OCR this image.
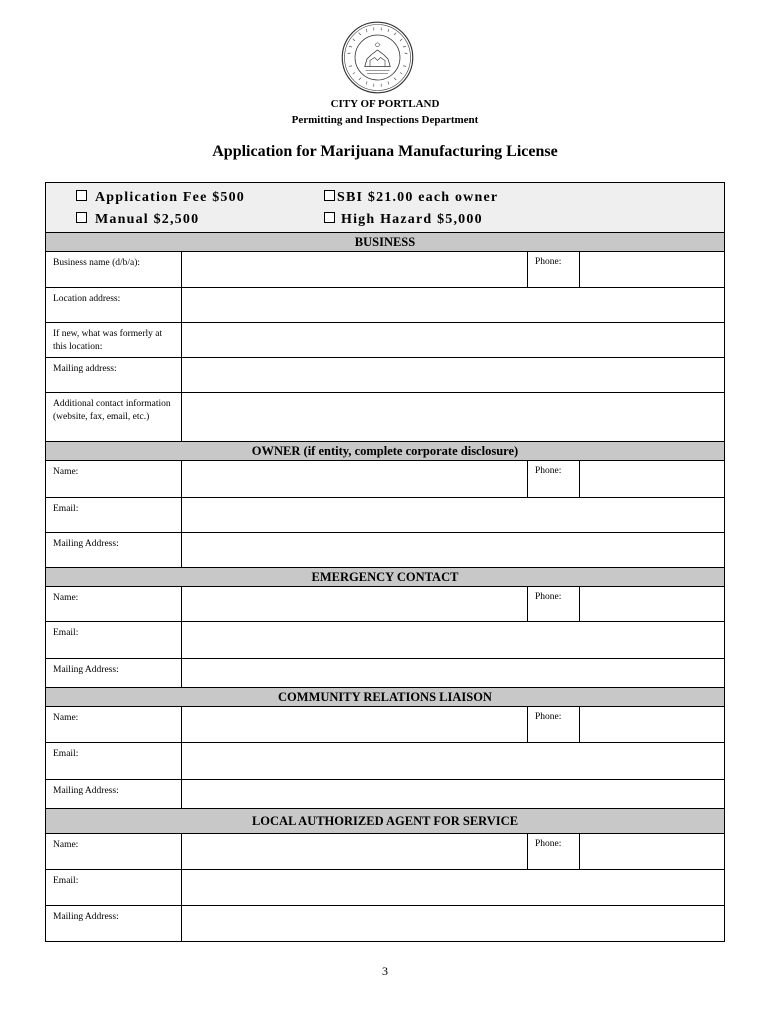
CITY OF PORTLAND
Permitting and Inspections Department
Application for Marijuana Manufacturing License
Application Fee $500	SBI $21.00 each owner
Manual $2,500	High Hazard $5,000
BUSINESS
Business name (d/b/a):	Phone:
Location address:
If new, what was formerly at this location:
Mailing address:
Additional contact information (website, fax, email, etc.)
OWNER (if entity, complete corporate disclosure)
Name:	Phone:
Email:
Mailing Address:
EMERGENCY CONTACT
Name:	Phone:
Email:
Mailing Address:
COMMUNITY RELATIONS LIAISON
Name:	Phone:
Email:
Mailing Address:
LOCAL AUTHORIZED AGENT FOR SERVICE
Name:	Phone:
Email:
Mailing Address:
3
